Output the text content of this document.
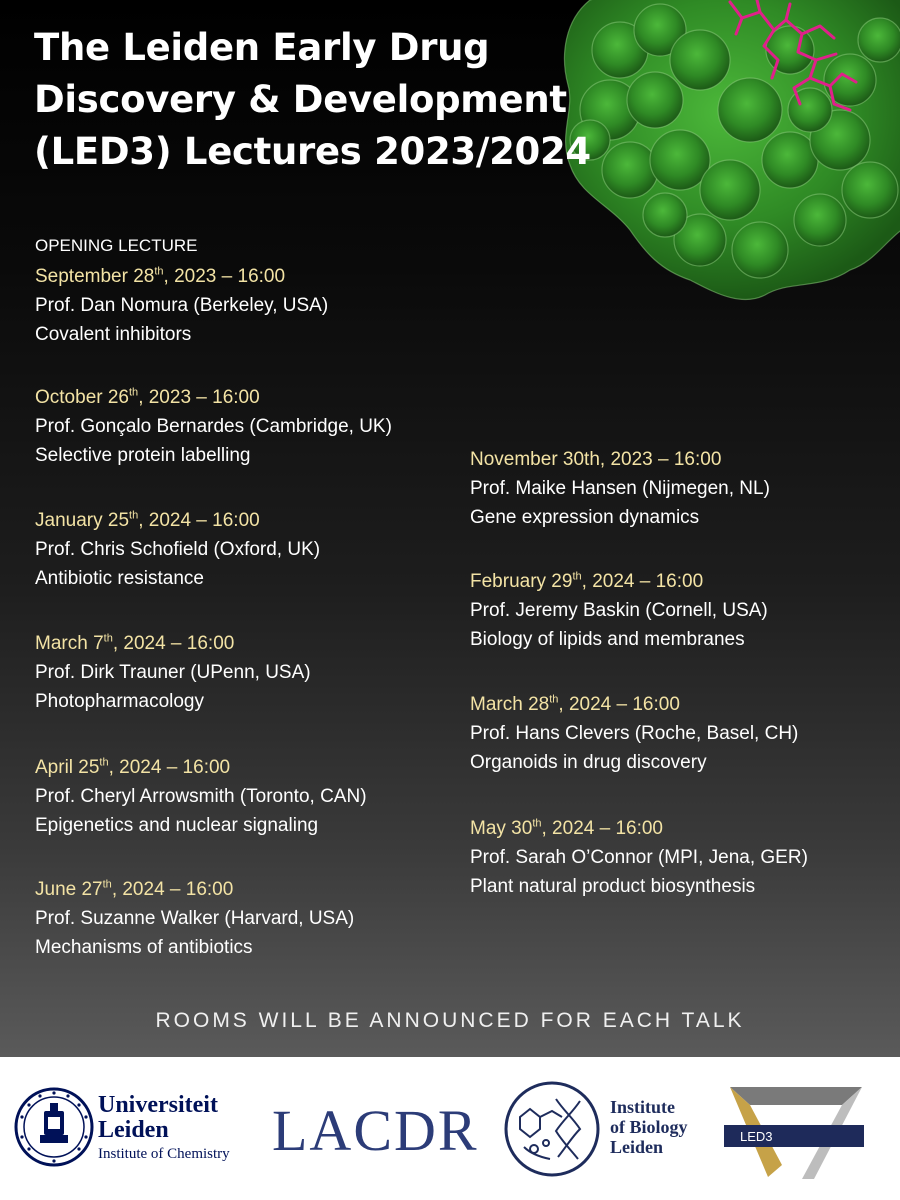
The Leiden Early Drug
Discovery & Development
(LED3) Lectures 2023/2024
OPENING LECTURE
September 28th, 2023 – 16:00
Prof. Dan Nomura (Berkeley, USA)
Covalent inhibitors
October 26th, 2023 – 16:00
Prof. Gonçalo Bernardes (Cambridge, UK)
Selective protein labelling
January 25th, 2024 – 16:00
Prof. Chris Schofield (Oxford, UK)
Antibiotic resistance
March 7th, 2024 – 16:00
Prof. Dirk Trauner (UPenn, USA)
Photopharmacology
April 25th, 2024 – 16:00
Prof. Cheryl Arrowsmith (Toronto, CAN)
Epigenetics and nuclear signaling
June 27th, 2024 – 16:00
Prof. Suzanne Walker (Harvard, USA)
Mechanisms of antibiotics
November 30th, 2023 – 16:00
Prof. Maike Hansen (Nijmegen, NL)
Gene expression dynamics
February 29th, 2024 – 16:00
Prof. Jeremy Baskin (Cornell, USA)
Biology of lipids and membranes
March 28th, 2024 – 16:00
Prof. Hans Clevers (Roche, Basel, CH)
Organoids in drug discovery
May 30th, 2024 – 16:00
Prof. Sarah O’Connor (MPI, Jena, GER)
Plant natural product biosynthesis
ROOMS WILL BE ANNOUNCED FOR EACH TALK
Universiteit
Leiden
Institute of Chemistry LACDR	Institute
of Biology
Leiden
LED3
